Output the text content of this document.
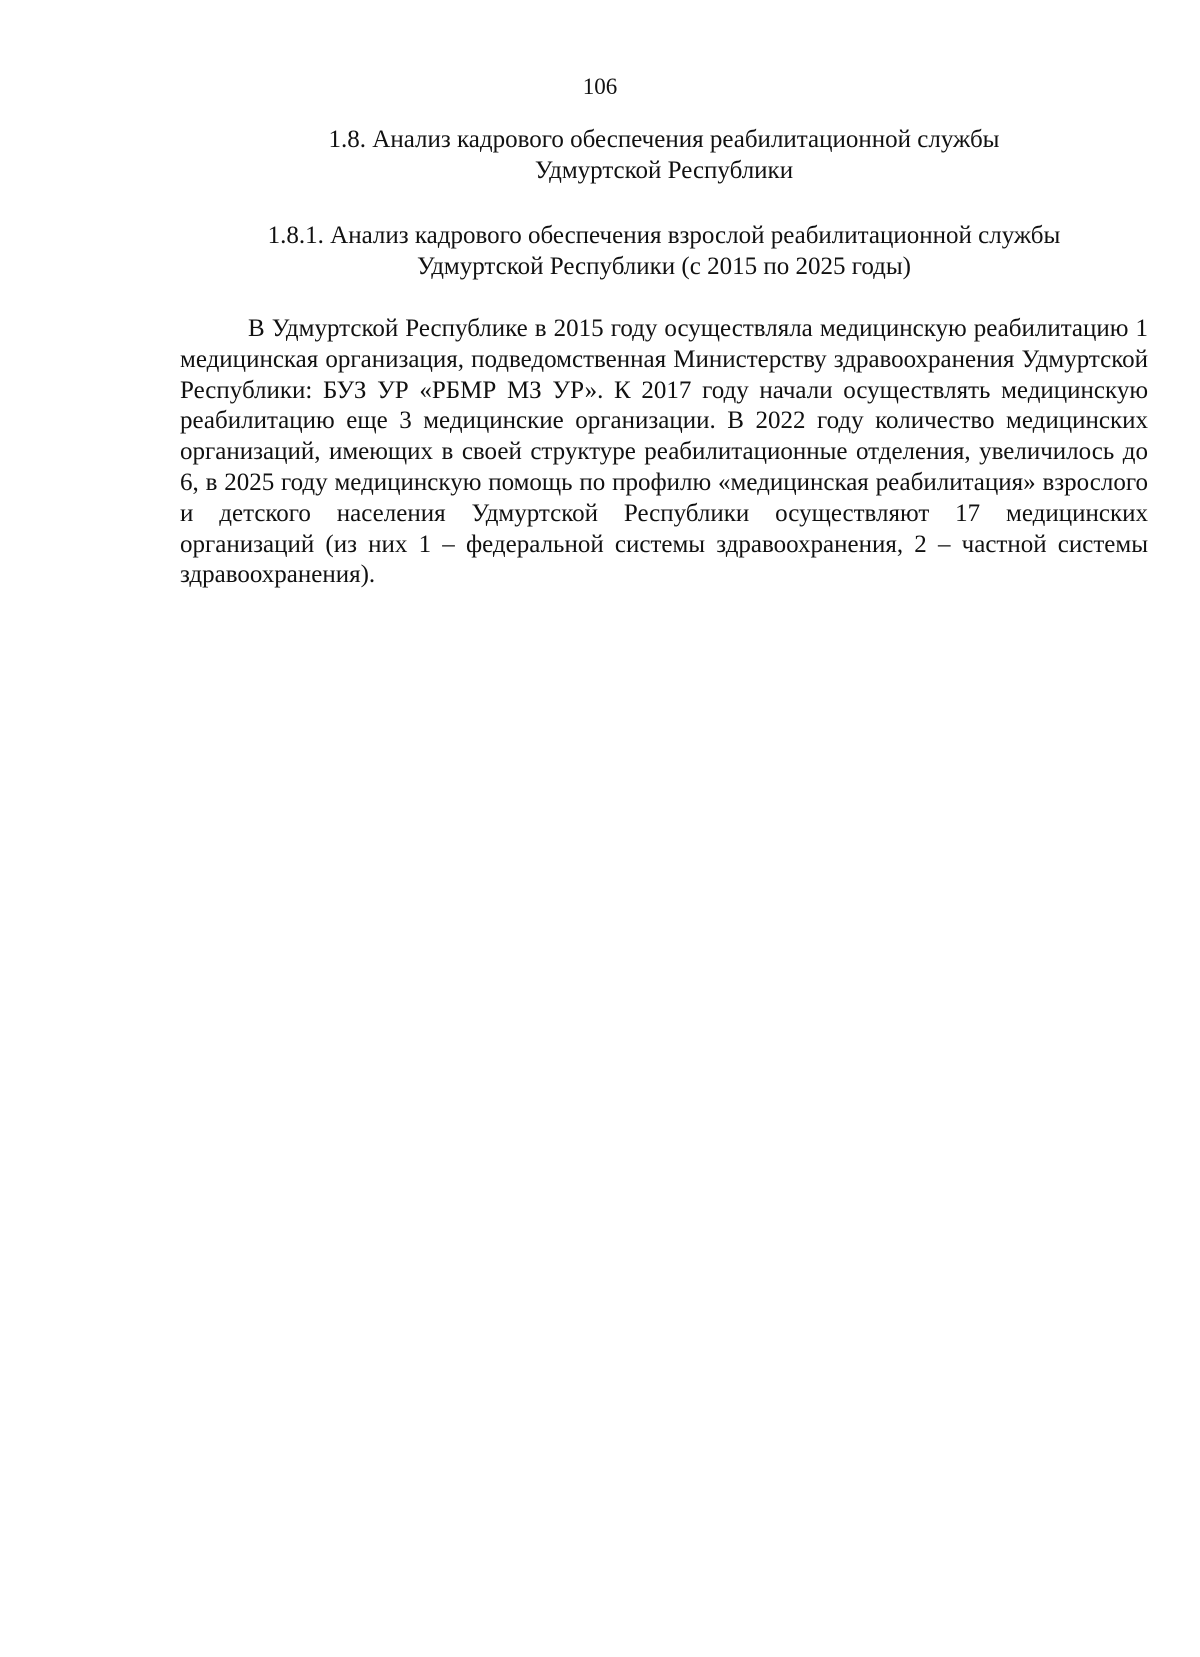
106
1.8. Анализ кадрового обеспечения реабилитационной службы
Удмуртской Республики
1.8.1. Анализ кадрового обеспечения взрослой реабилитационной службы
Удмуртской Республики (с 2015 по 2025 годы)

В Удмуртской Республике в 2015 году осуществляла медицинскую реабилитацию 1 медицинская организация, подведомственная Министерству здравоохранения Удмуртской Республики: БУЗ УР «РБМР МЗ УР». К 2017 году начали осуществлять медицинскую реабилитацию еще 3 медицинские организации. В 2022 году количество медицинских организаций, имеющих в своей структуре реабилитационные отделения, увеличилось до 6, в 2025 году медицинскую помощь по профилю «медицинская реабилитация» взрослого и детского населения Удмуртской Республики осуществляют 17 медицинских организаций (из них 1 – федеральной системы здравоохранения, 2 – частной системы здравоохранения).
